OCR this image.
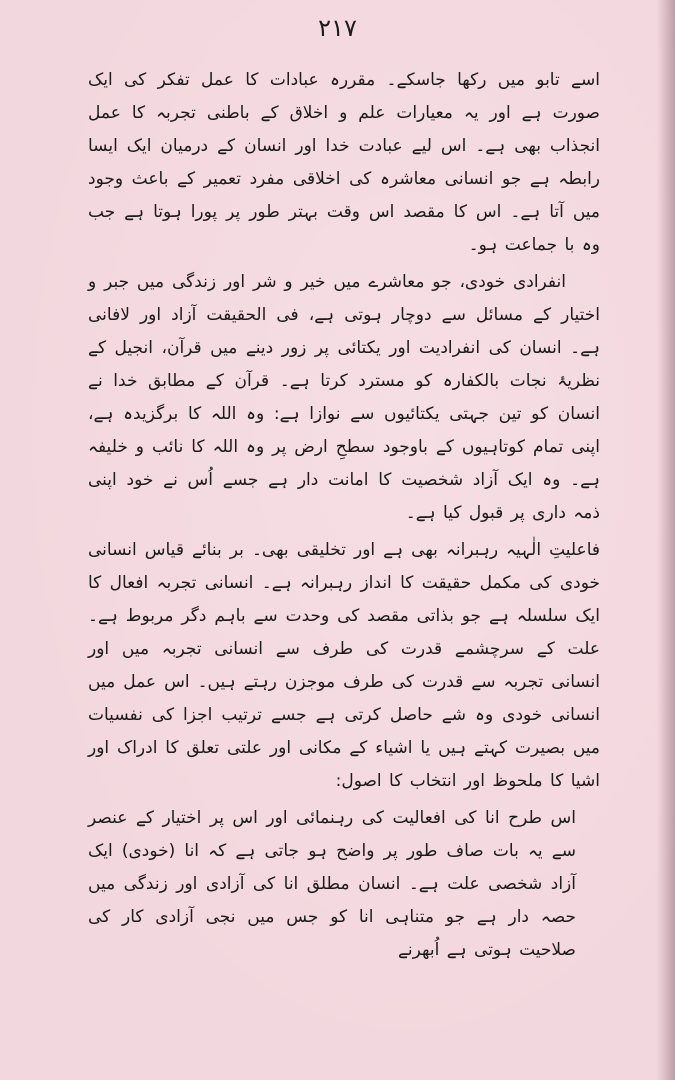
٢١٧

اسے تابو میں رکھا جاسکے۔ مقررہ عبادات کا عمل تفکر کی ایک صورت ہے اور یہ معیارات علم و اخلاق کے باطنی تجربہ کا عمل انجذاب بھی ہے۔ اس لیے عبادت خدا اور انسان کے درمیان ایک ایسا رابطہ ہے جو انسانی معاشرہ کی اخلاقی مفرد تعمیر کے باعث وجود میں آتا ہے۔ اس کا مقصد اس وقت بہتر طور پر پورا ہوتا ہے جب وہ با جماعت ہو۔

انفرادی خودی، جو معاشرے میں خیر و شر اور زندگی میں جبر و اختیار کے مسائل سے دوچار ہوتی ہے، فی الحقیقت آزاد اور لافانی ہے۔ انسان کی انفرادیت اور یکتائی پر زور دینے میں قرآن، انجیل کے نظریۂ نجات بالکفارہ کو مسترد کرتا ہے۔ قرآن کے مطابق خدا نے انسان کو تین جہتی یکتائیوں سے نوازا ہے: وہ اللہ کا برگزیدہ ہے، اپنی تمام کوتاہیوں کے باوجود سطحِ ارض پر وہ اللہ کا نائب و خلیفہ ہے۔ وہ ایک آزاد شخصیت کا امانت دار ہے جسے اُس نے خود اپنی ذمہ داری پر قبول کیا ہے۔

فاعلیتِ الٰہیہ رہبرانہ بھی ہے اور تخلیقی بھی۔ بر بنائے قیاس انسانی خودی کی مکمل حقیقت کا انداز رہبرانہ ہے۔ انسانی تجربہ افعال کا ایک سلسلہ ہے جو بذاتی مقصد کی وحدت سے باہم دگر مربوط ہے۔ علت کے سرچشمے قدرت کی طرف سے انسانی تجربہ میں اور انسانی تجربہ سے قدرت کی طرف موجزن رہتے ہیں۔ اس عمل میں انسانی خودی وہ شے حاصل کرتی ہے جسے ترتیب اجزا کی نفسیات میں بصیرت کہتے ہیں یا اشیاء کے مکانی اور علتی تعلق کا ادراک اور اشیا کا ملحوظ اور انتخاب کا اصول:

اس طرح انا کی افعالیت کی رہنمائی اور اس پر اختیار کے عنصر سے یہ بات صاف طور پر واضح ہو جاتی ہے کہ انا (خودی) ایک آزاد شخصی علت ہے۔ انسان مطلق انا کی آزادی اور زندگی میں حصہ دار ہے جو متناہی انا کو جس میں نجی آزادی کار کی صلاحیت ہوتی ہے اُبھرنے
